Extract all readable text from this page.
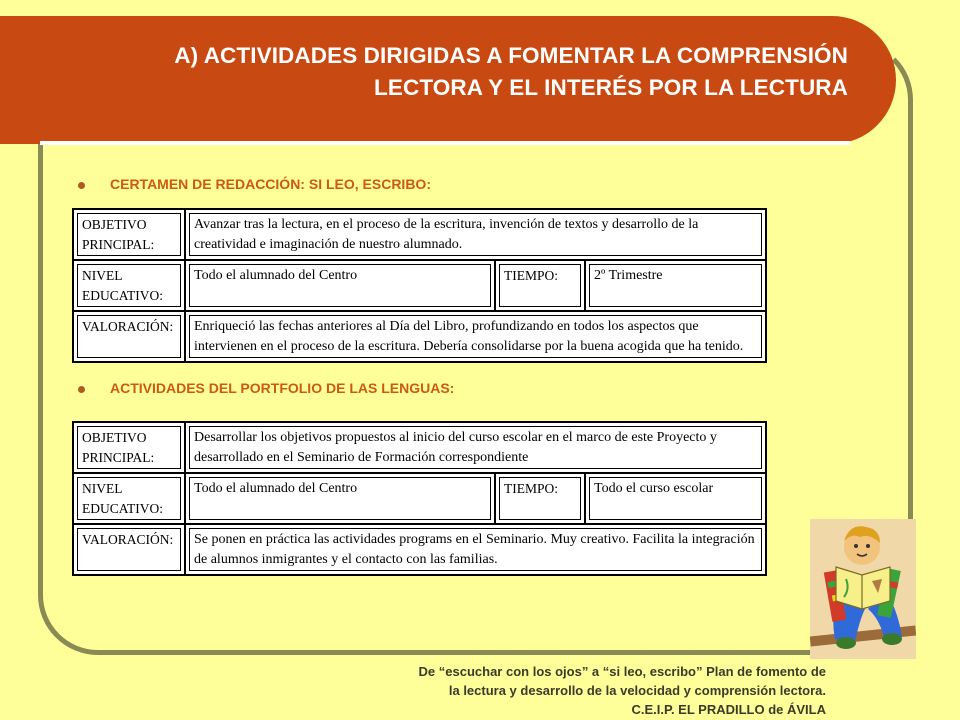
A) ACTIVIDADES DIRIGIDAS A FOMENTAR LA COMPRENSIÓN
LECTORA Y EL INTERÉS POR LA LECTURA
CERTAMEN DE REDACCIÓN: SI LEO, ESCRIBO:
OBJETIVO PRINCIPAL:	Avanzar tras la lectura, en el proceso de la escritura, invención de textos y desarrollo de la creatividad e imaginación de nuestro alumnado.		
NIVEL EDUCATIVO:	Todo el alumnado del Centro	TIEMPO:	2º Trimestre
VALORACIÓN:	Enriqueció las fechas anteriores al Día del Libro, profundizando en todos los aspectos que intervienen en el proceso de la escritura. Debería consolidarse por la buena acogida que ha tenido.		
ACTIVIDADES DEL PORTFOLIO DE LAS LENGUAS:
OBJETIVO PRINCIPAL:	Desarrollar los objetivos propuestos al inicio del curso escolar en el marco de este Proyecto y desarrollado en el Seminario de Formación correspondiente		
NIVEL EDUCATIVO:	Todo el alumnado del Centro	TIEMPO:	Todo el curso escolar
VALORACIÓN:	Se ponen en práctica las actividades programs en el Seminario. Muy creativo. Facilita la integración de alumnos inmigrantes y el contacto con las familias.		
De “escuchar con los ojos” a “si leo, escribo” Plan de fomento de
la lectura y desarrollo de la velocidad y comprensión lectora.
C.E.I.P. EL PRADILLO de ÁVILA
